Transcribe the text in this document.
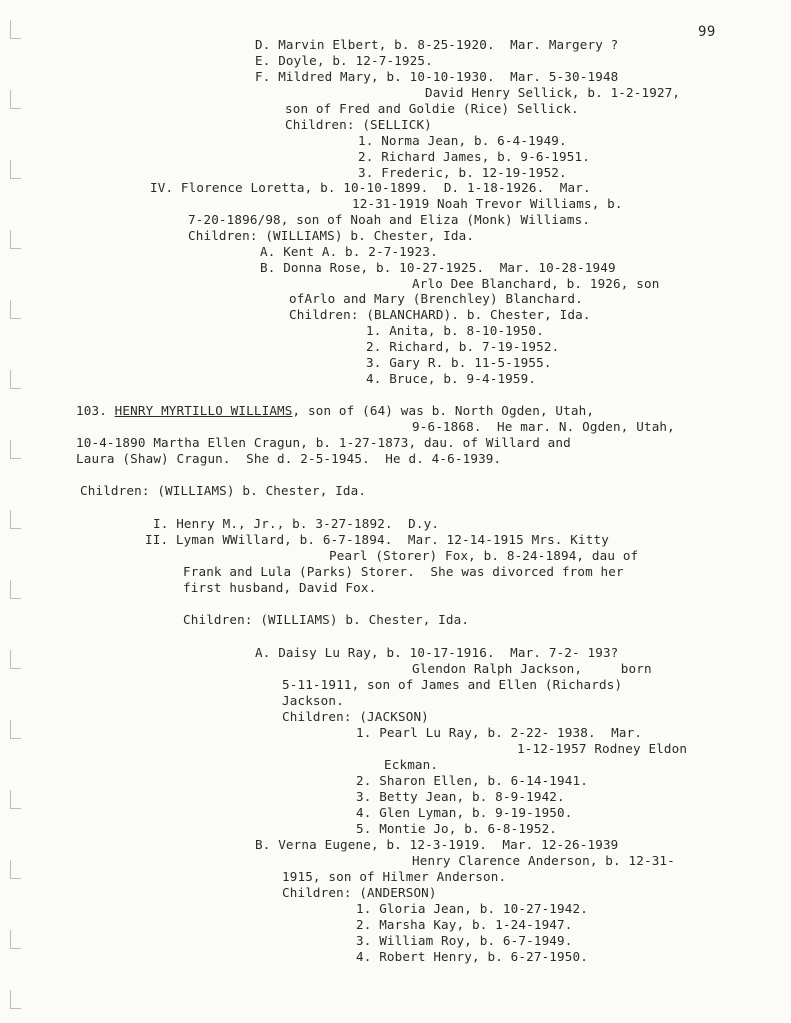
99
D. Marvin Elbert, b. 8-25-1920.  Mar. Margery ?
E. Doyle, b. 12-7-1925.
F. Mildred Mary, b. 10-10-1930.  Mar. 5-30-1948
David Henry Sellick, b. 1-2-1927,
son of Fred and Goldie (Rice) Sellick.
Children: (SELLICK)
1. Norma Jean, b. 6-4-1949.
2. Richard James, b. 9-6-1951.
3. Frederic, b. 12-19-1952.
IV. Florence Loretta, b. 10-10-1899.  D. 1-18-1926.  Mar.
12-31-1919 Noah Trevor Williams, b.
7-20-1896/98, son of Noah and Eliza (Monk) Williams.
Children: (WILLIAMS) b. Chester, Ida.
A. Kent A. b. 2-7-1923.
B. Donna Rose, b. 10-27-1925.  Mar. 10-28-1949
Arlo Dee Blanchard, b. 1926, son
ofArlo and Mary (Brenchley) Blanchard.
Children: (BLANCHARD). b. Chester, Ida.
1. Anita, b. 8-10-1950.
2. Richard, b. 7-19-1952.
3. Gary R. b. 11-5-1955.
4. Bruce, b. 9-4-1959.
103. HENRY MYRTILLO WILLIAMS, son of (64) was b. North Ogden, Utah,
9-6-1868.  He mar. N. Ogden, Utah,
10-4-1890 Martha Ellen Cragun, b. 1-27-1873, dau. of Willard and
Laura (Shaw) Cragun.  She d. 2-5-1945.  He d. 4-6-1939.
Children: (WILLIAMS) b. Chester, Ida.
I. Henry M., Jr., b. 3-27-1892.  D.y.
II. Lyman WWillard, b. 6-7-1894.  Mar. 12-14-1915 Mrs. Kitty
Pearl (Storer) Fox, b. 8-24-1894, dau of
Frank and Lula (Parks) Storer.  She was divorced from her
first husband, David Fox.
Children: (WILLIAMS) b. Chester, Ida.
A. Daisy Lu Ray, b. 10-17-1916.  Mar. 7-2- 193?
Glendon Ralph Jackson,     born
5-11-1911, son of James and Ellen (Richards)
Jackson.
Children: (JACKSON)
1. Pearl Lu Ray, b. 2-22- 1938.  Mar.
1-12-1957 Rodney Eldon
Eckman.
2. Sharon Ellen, b. 6-14-1941.
3. Betty Jean, b. 8-9-1942.
4. Glen Lyman, b. 9-19-1950.
5. Montie Jo, b. 6-8-1952.
B. Verna Eugene, b. 12-3-1919.  Mar. 12-26-1939
Henry Clarence Anderson, b. 12-31-
1915, son of Hilmer Anderson.
Children: (ANDERSON)
1. Gloria Jean, b. 10-27-1942.
2. Marsha Kay, b. 1-24-1947.
3. William Roy, b. 6-7-1949.
4. Robert Henry, b. 6-27-1950.
